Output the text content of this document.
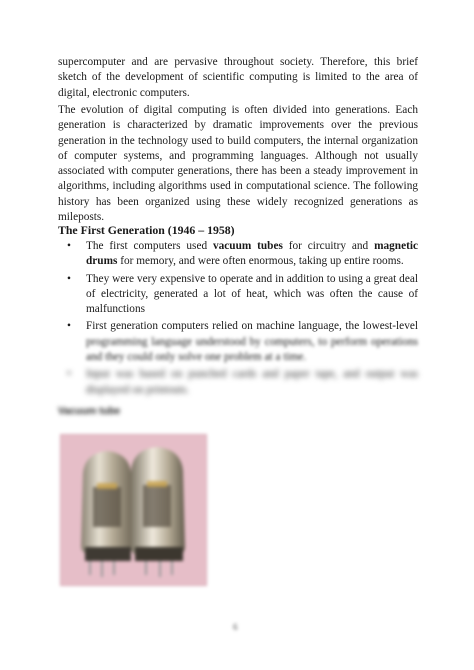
supercomputer and are pervasive throughout society. Therefore, this brief sketch of the development of scientific computing is limited to the area of digital, electronic computers.

The evolution of digital computing is often divided into generations. Each generation is characterized by dramatic improvements over the previous generation in the technology used to build computers, the internal organization of computer systems, and programming languages. Although not usually associated with computer generations, there has been a steady improvement in algorithms, including algorithms used in computational science. The following history has been organized using these widely recognized generations as mileposts.

The First Generation (1946 – 1958)

• The first computers used vacuum tubes for circuitry and magnetic drums for memory, and were often enormous, taking up entire rooms.
• They were very expensive to operate and in addition to using a great deal of electricity, generated a lot of heat, which was often the cause of malfunctions
• First generation computers relied on machine language, the lowest-level programming language understood by computers, to perform operations and they could only solve one problem at a time.
• Input was based on punched cards and paper tape, and output was displayed on printouts.

Vacuum tube

6
